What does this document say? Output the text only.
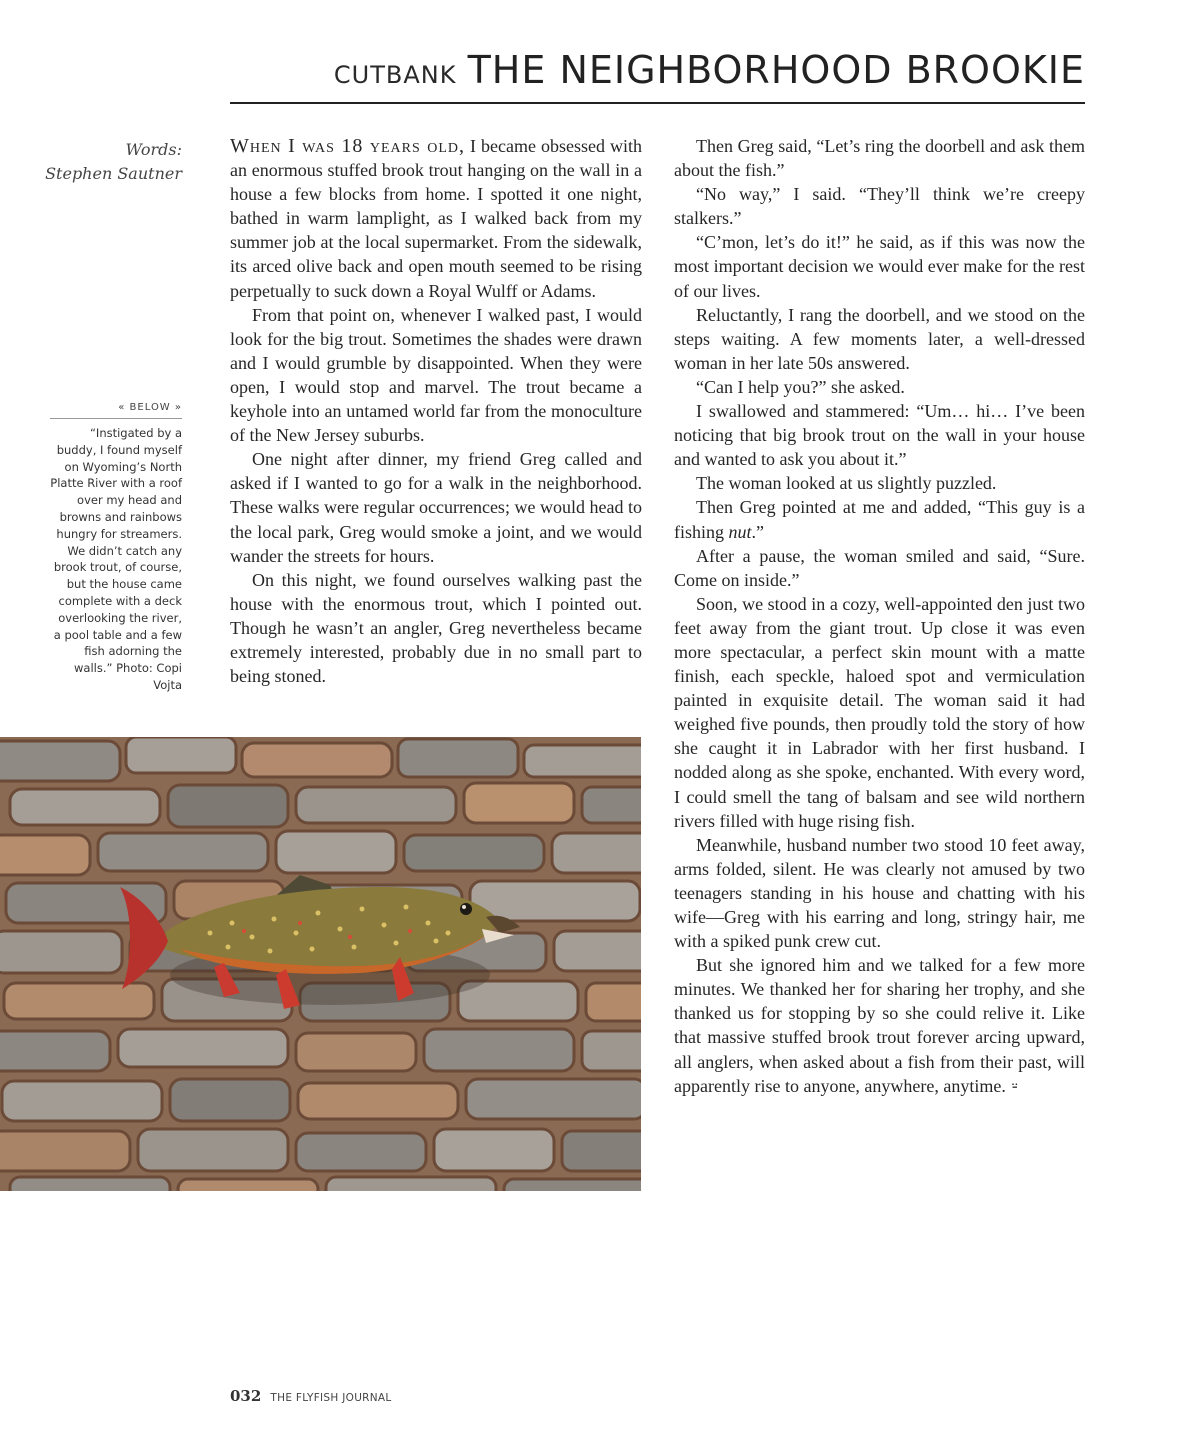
CUTBANK THE NEIGHBORHOOD BROOKIE
Words:
Stephen Sautner
« BELOW »
“Instigated by a buddy, I found myself on Wyoming’s North Platte River with a roof over my head and browns and rainbows hungry for streamers. We didn’t catch any brook trout, of course, but the house came complete with a deck overlooking the river, a pool table and a few fish adorning the walls.” Photo: Copi Vojta

When I was 18 years old, I became obsessed with an enormous stuffed brook trout hanging on the wall in a house a few blocks from home. I spotted it one night, bathed in warm lamplight, as I walked back from my summer job at the local supermarket. From the sidewalk, its arced olive back and open mouth seemed to be rising perpetually to suck down a Royal Wulff or Adams.

From that point on, whenever I walked past, I would look for the big trout. Sometimes the shades were drawn and I would grumble by disappointed. When they were open, I would stop and marvel. The trout became a keyhole into an untamed world far from the monoculture of the New Jersey suburbs.

One night after dinner, my friend Greg called and asked if I wanted to go for a walk in the neighborhood. These walks were regular occurrences; we would head to the local park, Greg would smoke a joint, and we would wander the streets for hours.

On this night, we found ourselves walking past the house with the enormous trout, which I pointed out. Though he wasn’t an angler, Greg nevertheless became extremely interested, probably due in no small part to being stoned.

Then Greg said, “Let’s ring the doorbell and ask them about the fish.”

“No way,” I said. “They’ll think we’re creepy stalkers.”

“C’mon, let’s do it!” he said, as if this was now the most important decision we would ever make for the rest of our lives.

Reluctantly, I rang the doorbell, and we stood on the steps waiting. A few moments later, a well-dressed woman in her late 50s answered.

“Can I help you?” she asked.

I swallowed and stammered: “Um… hi… I’ve been noticing that big brook trout on the wall in your house and wanted to ask you about it.”

The woman looked at us slightly puzzled.

Then Greg pointed at me and added, “This guy is a fishing nut.”

After a pause, the woman smiled and said, “Sure. Come on inside.”

Soon, we stood in a cozy, well-appointed den just two feet away from the giant trout. Up close it was even more spectacular, a perfect skin mount with a matte finish, each speckle, haloed spot and vermiculation painted in exquisite detail. The woman said it had weighed five pounds, then proudly told the story of how she caught it in Labrador with her first husband. I nodded along as she spoke, enchanted. With every word, I could smell the tang of balsam and see wild northern rivers filled with huge rising fish.

Meanwhile, husband number two stood 10 feet away, arms folded, silent. He was clearly not amused by two teenagers standing in his house and chatting with his wife—Greg with his earring and long, stringy hair, me with a spiked punk crew cut.

But she ignored him and we talked for a few more minutes. We thanked her for sharing her trophy, and she thanked us for stopping by so she could relive it. Like that massive stuffed brook trout forever arcing upward, all anglers, when asked about a fish from their past, will apparently rise to anyone, anywhere, anytime. ⸚

032 THE FLYFISH JOURNAL
